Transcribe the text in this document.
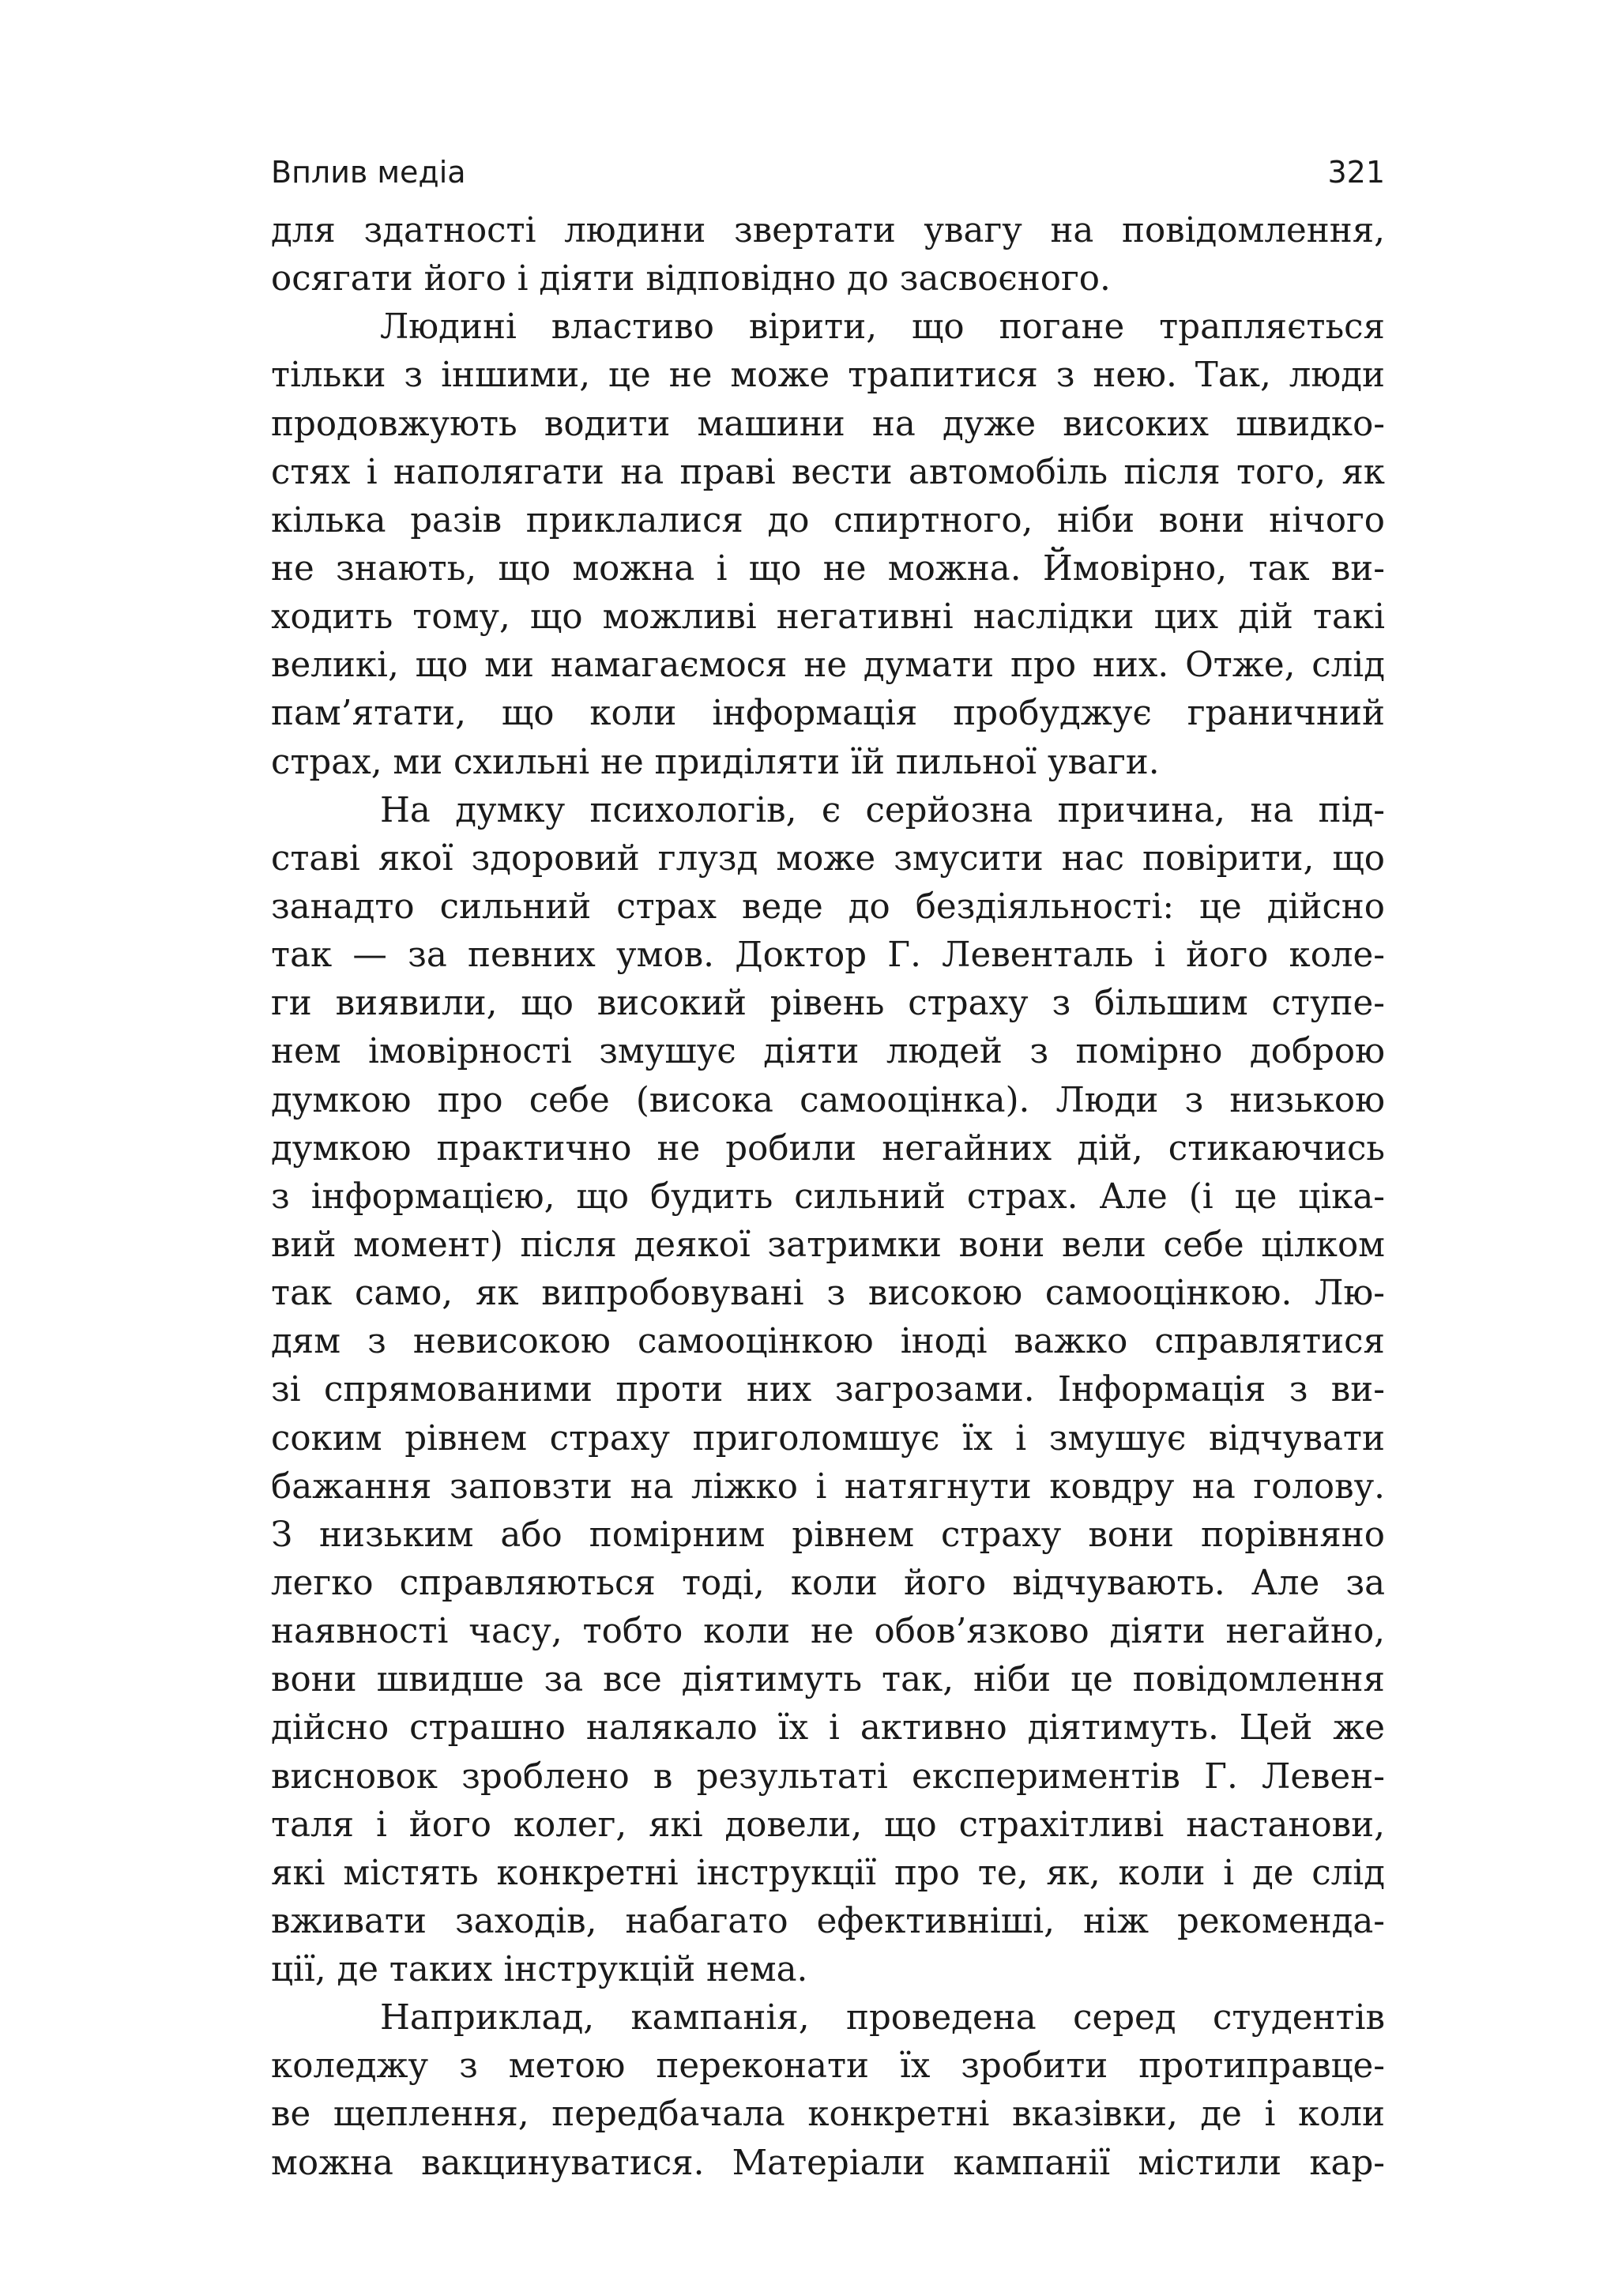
Вплив медіа	321

для здатності людини звертати увагу на повідомлення,
осягати його і діяти відповідно до засвоєного.

Людині властиво вірити, що погане трапляється
тільки з іншими, це не може трапитися з нею. Так, люди
продовжують водити машини на дуже високих швидко-
стях і наполягати на праві вести автомобіль після того, як
кілька разів приклалися до спиртного, ніби вони нічого
не знають, що можна і що не можна. Ймовірно, так ви-
ходить тому, що можливі негативні наслідки цих дій такі
великі, що ми намагаємося не думати про них. Отже, слід
пам’ятати, що коли інформація пробуджує граничний
страх, ми схильні не приділяти їй пильної уваги.

На думку психологів, є серйозна причина, на під-
ставі якої здоровий глузд може змусити нас повірити, що
занадто сильний страх веде до бездіяльності: це дійсно
так — за певних умов. Доктор Г. Левенталь і його коле-
ги виявили, що високий рівень страху з більшим ступе-
нем імовірності змушує діяти людей з помірно доброю
думкою про себе (висока самооцінка). Люди з низькою
думкою практично не робили негайних дій, стикаючись
з інформацією, що будить сильний страх. Але (і це ціка-
вий момент) після деякої затримки вони вели себе цілком
так само, як випробовувані з високою самооцінкою. Лю-
дям з невисокою самооцінкою іноді важко справлятися
зі спрямованими проти них загрозами. Інформація з ви-
соким рівнем страху приголомшує їх і змушує відчувати
бажання заповзти на ліжко і натягнути ковдру на голову.
З низьким або помірним рівнем страху вони порівняно
легко справляються тоді, коли його відчувають. Але за
наявності часу, тобто коли не обов’язково діяти негайно,
вони швидше за все діятимуть так, ніби це повідомлення
дійсно страшно налякало їх і активно діятимуть. Цей же
висновок зроблено в результаті експериментів Г. Левен-
таля і його колег, які довели, що страхітливі настанови,
які містять конкретні інструкції про те, як, коли і де слід
вживати заходів, набагато ефективніші, ніж рекоменда-
ції, де таких інструкцій нема.

Наприклад, кампанія, проведена серед студентів
коледжу з метою переконати їх зробити протиправце-
ве щеплення, передбачала конкретні вказівки, де і коли
можна вакцинуватися. Матеріали кампанії містили кар-
